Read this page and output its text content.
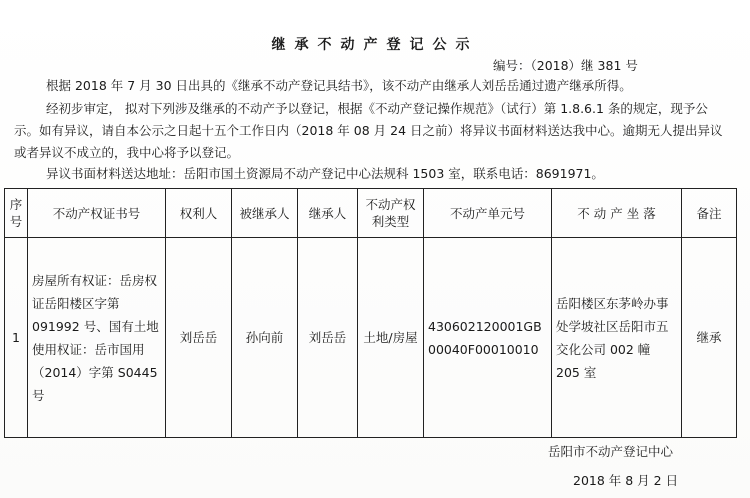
继承不动产登记公示
编号：（2018）继 381 号
根据 2018 年 7 月 30 日出具的《继承不动产登记具结书》，该不动产由继承人刘岳岳通过遗产继承所得。
经初步审定， 拟对下列涉及继承的不动产予以登记，根据《不动产登记操作规范》（试行）第 1.8.6.1 条的规定，现予公示。如有异议，请自本公示之日起十五个工作日内（2018 年 08 月 24 日之前）将异议书面材料送达我中心。逾期无人提出异议或者异议不成立的，我中心将予以登记。
异议书面材料送达地址：岳阳市国土资源局不动产登记中心法规科 1503 室，联系电话：8691971。
序号	不动产权证书号	权利人	被继承人	继承人	不动产权利类型	不动产单元号	不 动 产 坐 落	备注
1	房屋所有权证：岳房权证岳阳楼区字第 091992 号、国有土地使用权证：岳市国用（2014）字第 S0445 号	刘岳岳	孙向前	刘岳岳	土地/房屋	430602120001GB00040F00010010	岳阳楼区东茅岭办事处学坡社区岳阳市五交化公司 002 幢 205 室	继承
岳阳市不动产登记中心
2018 年 8 月 2 日
